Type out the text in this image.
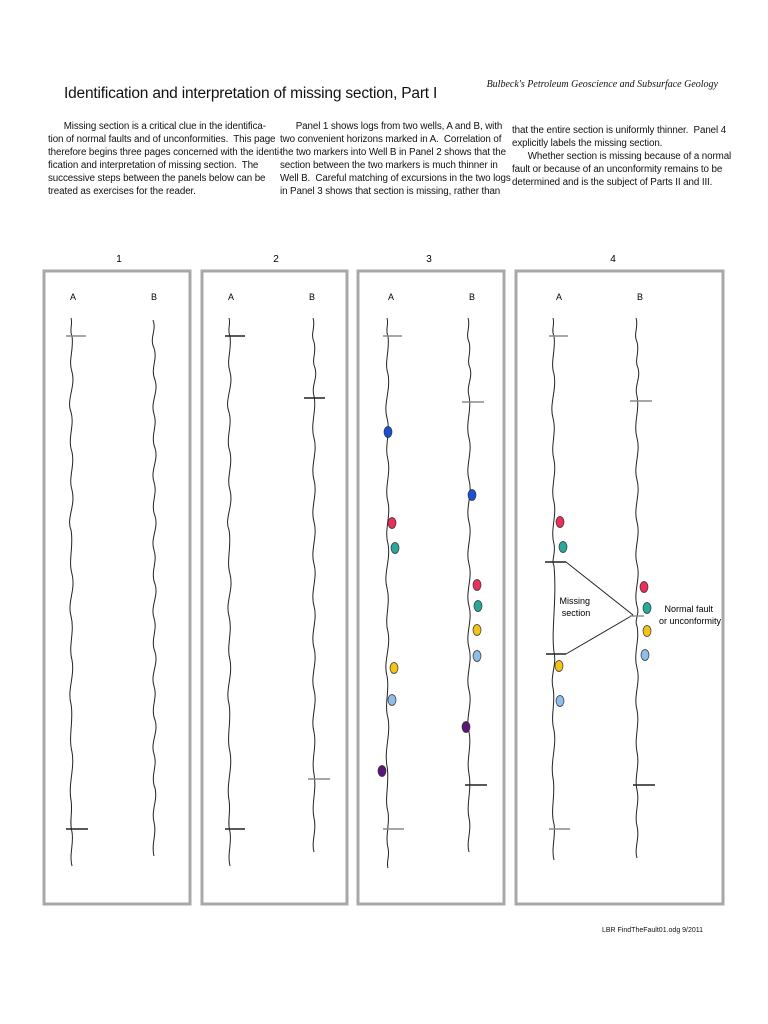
Identification and interpretation of missing section, Part I
Bulbeck's Petroleum Geoscience and Subsurface Geology

Missing section is a critical clue in the identifica-

tion of normal faults and of unconformities.  This page

therefore begins three pages concerned with the identi-

fication and interpretation of missing section.  The

successive steps between the panels below can be

treated as exercises for the reader.

Panel 1 shows logs from two wells, A and B, with

two convenient horizons marked in A.  Correlation of

the two markers into Well B in Panel 2 shows that the

section between the two markers is much thinner in

Well B.  Careful matching of excursions in the two logs

in Panel 3 shows that section is missing, rather than

that the entire section is uniformly thinner.  Panel 4

explicitly labels the missing section.

Whether section is missing because of a normal

fault or because of an unconformity remains to be

determined and is the subject of Parts II and III.

1	2	3	4
A	B	A	B	A	B	A	B
Missing section	Normal fault or unconformity
LBR FindTheFault01.odg 9/2011
